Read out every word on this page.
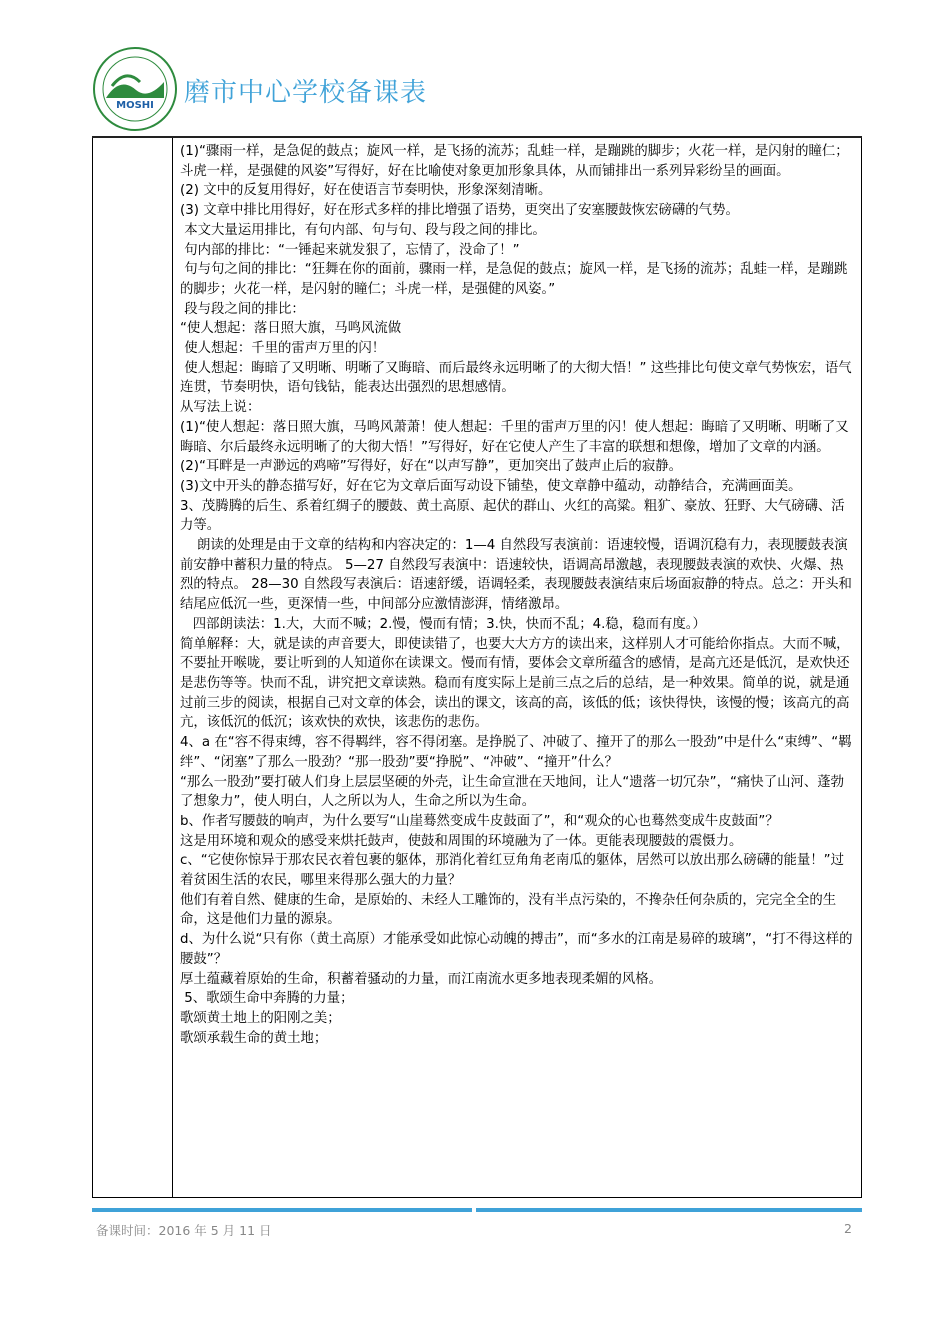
MOSHI 磨市中心学校备课表

(1)“骤雨一样，是急促的鼓点；旋风一样，是飞扬的流苏；乱蛙一样，是蹦跳的脚步；火花一样，是闪射的瞳仁；斗虎一样，是强健的风姿”写得好，好在比喻使对象更加形象具体，从而铺排出一系列异彩纷呈的画面。

(2) 文中的反复用得好，好在使语言节奏明快，形象深刻清晰。

(3) 文章中排比用得好，好在形式多样的排比增强了语势，更突出了安塞腰鼓恢宏磅礴的气势。

本文大量运用排比，有句内部、句与句、段与段之间的排比。

句内部的排比：“一锤起来就发狠了，忘情了，没命了！”

句与句之间的排比：“狂舞在你的面前，骤雨一样，是急促的鼓点；旋风一样，是飞扬的流苏；乱蛙一样，是蹦跳的脚步；火花一样，是闪射的瞳仁；斗虎一样，是强健的风姿。”

段与段之间的排比：

“使人想起：落日照大旗，马鸣风流做

使人想起：千里的雷声万里的闪！

使人想起：晦暗了又明晰、明晰了又晦暗、而后最终永远明晰了的大彻大悟！” 这些排比句使文章气势恢宏，语气连贯，节奏明快，语句钱钻，能表达出强烈的思想感情。

从写法上说：

(1)“使人想起：落日照大旗，马鸣风萧萧！使人想起：千里的雷声万里的闪！使人想起：晦暗了又明晰、明晰了又晦暗、尔后最终永远明晰了的大彻大悟！”写得好，好在它使人产生了丰富的联想和想像，增加了文章的内涵。

(2)“耳畔是一声渺远的鸡啼”写得好，好在“以声写静”，更加突出了鼓声止后的寂静。

(3)文中开头的静态描写好，好在它为文章后面写动设下铺垫，使文章静中蕴动，动静结合，充满画面美。

3、茂腾腾的后生、系着红绸子的腰鼓、黄土高原、起伏的群山、火红的高粱。粗犷、豪放、狂野、大气磅礴、活力等。

朗读的处理是由于文章的结构和内容决定的：1—4 自然段写表演前：语速较慢，语调沉稳有力，表现腰鼓表演前安静中蓄积力量的特点。 5—27 自然段写表演中：语速较快，语调高昂激越，表现腰鼓表演的欢快、火爆、热烈的特点。 28—30 自然段写表演后：语速舒缓，语调轻柔，表现腰鼓表演结束后场面寂静的特点。总之：开头和结尾应低沉一些，更深情一些，中间部分应激情澎湃，情绪激昂。

四部朗读法：1.大，大而不喊；2.慢，慢而有情；3.快，快而不乱；4.稳，稳而有度。）

简单解释：大，就是读的声音要大，即使读错了，也要大大方方的读出来，这样别人才可能给你指点。大而不喊，不要扯开喉咙，要让听到的人知道你在读课文。慢而有情，要体会文章所蕴含的感情，是高亢还是低沉，是欢快还是悲伤等等。快而不乱，讲究把文章读熟。稳而有度实际上是前三点之后的总结，是一种效果。简单的说，就是通过前三步的阅读，根据自己对文章的体会，读出的课文，该高的高，该低的低；该快得快，该慢的慢；该高亢的高亢，该低沉的低沉；该欢快的欢快，该悲伤的悲伤。

4、a 在“容不得束缚，容不得羁绊，容不得闭塞。是挣脱了、冲破了、撞开了的那么一股劲”中是什么“束缚”、“羁绊”、“闭塞”了那么一股劲？“那一股劲”要“挣脱”、“冲破”、“撞开”什么？

“那么一股劲”要打破人们身上层层坚硬的外壳，让生命宣泄在天地间，让人“遗落一切冗杂”，“痛快了山河、蓬勃了想象力”，使人明白，人之所以为人，生命之所以为生命。

b、作者写腰鼓的响声，为什么要写“山崖蓦然变成牛皮鼓面了”，和“观众的心也蓦然变成牛皮鼓面”？

这是用环境和观众的感受来烘托鼓声，使鼓和周围的环境融为了一体。更能表现腰鼓的震慑力。

c、“它使你惊异于那农民衣着包裹的躯体，那消化着红豆角角老南瓜的躯体，居然可以放出那么磅礴的能量！”过着贫困生活的农民，哪里来得那么强大的力量？

他们有着自然、健康的生命，是原始的、未经人工雕饰的，没有半点污染的，不搀杂任何杂质的，完完全全的生命，这是他们力量的源泉。

d、为什么说“只有你（黄土高原）才能承受如此惊心动魄的搏击”，而“多水的江南是易碎的玻璃”，“打不得这样的腰鼓”？

厚土蕴藏着原始的生命，积蓄着骚动的力量，而江南流水更多地表现柔媚的风格。

5、歌颂生命中奔腾的力量；

歌颂黄土地上的阳刚之美；

歌颂承载生命的黄土地；

备课时间：2016 年 5 月 11 日	2
